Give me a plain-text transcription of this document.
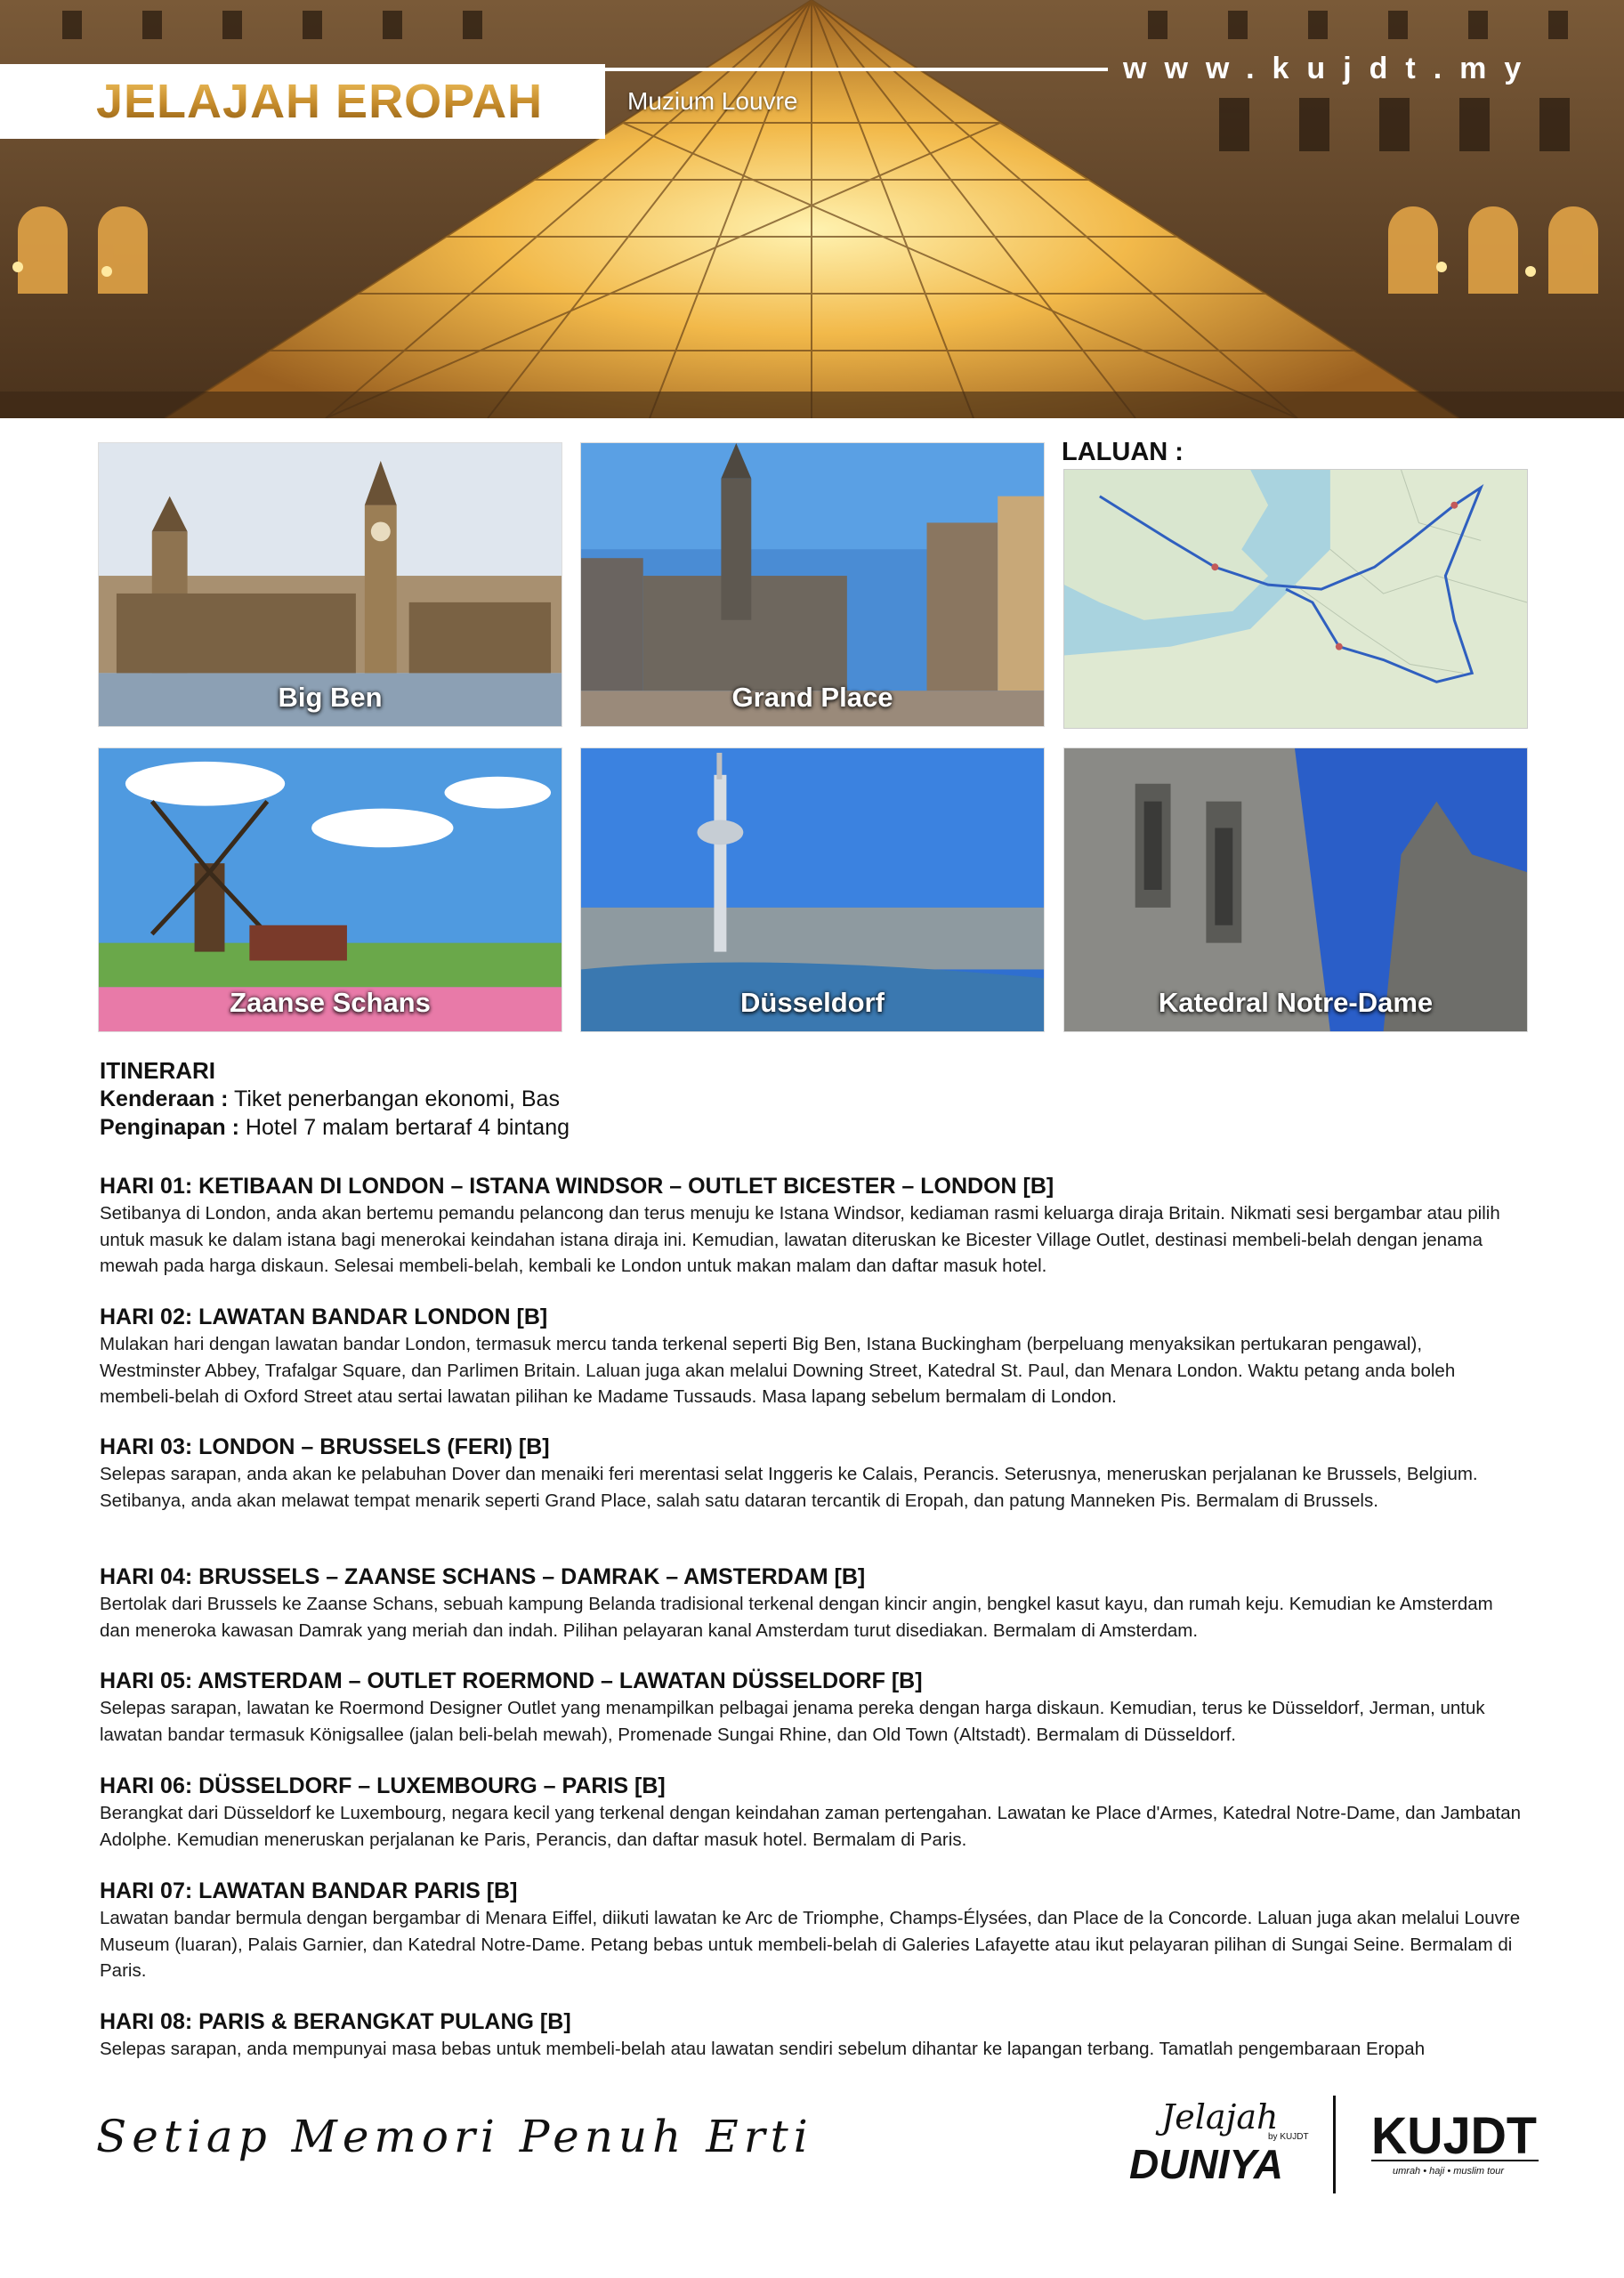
JELAJAH EROPAH	Muzium Louvre
www.kujdt.my
Big Ben	Grand Place
LALUAN :
Zaanse Schans	Düsseldorf	Katedral Notre-Dame
ITINERARI
Kenderaan : Tiket penerbangan ekonomi, Bas
Penginapan : Hotel 7 malam bertaraf 4 bintang
HARI 01: KETIBAAN DI LONDON – ISTANA WINDSOR – OUTLET BICESTER – LONDON [B]

Setibanya di London, anda akan bertemu pemandu pelancong dan terus menuju ke Istana Windsor, kediaman rasmi keluarga diraja Britain. Nikmati sesi bergambar atau pilih untuk masuk ke dalam istana bagi menerokai keindahan istana diraja ini. Kemudian, lawatan diteruskan ke Bicester Village Outlet, destinasi membeli-belah dengan jenama mewah pada harga diskaun. Selesai membeli-belah, kembali ke London untuk makan malam dan daftar masuk hotel.

HARI 02: LAWATAN BANDAR LONDON [B]

Mulakan hari dengan lawatan bandar London, termasuk mercu tanda terkenal seperti Big Ben, Istana Buckingham (berpeluang menyaksikan pertukaran pengawal), Westminster Abbey, Trafalgar Square, dan Parlimen Britain. Laluan juga akan melalui Downing Street, Katedral St. Paul, dan Menara London. Waktu petang anda boleh membeli-belah di Oxford Street atau sertai lawatan pilihan ke Madame Tussauds. Masa lapang sebelum bermalam di London.

HARI 03: LONDON – BRUSSELS (FERI) [B]

Selepas sarapan, anda akan ke pelabuhan Dover dan menaiki feri merentasi selat Inggeris ke Calais, Perancis. Seterusnya, meneruskan perjalanan ke Brussels, Belgium. Setibanya, anda akan melawat tempat menarik seperti Grand Place, salah satu dataran tercantik di Eropah, dan patung Manneken Pis. Bermalam di Brussels.

HARI 04: BRUSSELS – ZAANSE SCHANS – DAMRAK – AMSTERDAM [B]

Bertolak dari Brussels ke Zaanse Schans, sebuah kampung Belanda tradisional terkenal dengan kincir angin, bengkel kasut kayu, dan rumah keju. Kemudian ke Amsterdam dan meneroka kawasan Damrak yang meriah dan indah. Pilihan pelayaran kanal Amsterdam turut disediakan. Bermalam di Amsterdam.

HARI 05: AMSTERDAM – OUTLET ROERMOND – LAWATAN DÜSSELDORF [B]

Selepas sarapan, lawatan ke Roermond Designer Outlet yang menampilkan pelbagai jenama pereka dengan harga diskaun. Kemudian, terus ke Düsseldorf, Jerman, untuk lawatan bandar termasuk Königsallee (jalan beli-belah mewah), Promenade Sungai Rhine, dan Old Town (Altstadt). Bermalam di Düsseldorf.

HARI 06: DÜSSELDORF – LUXEMBOURG – PARIS [B]

Berangkat dari Düsseldorf ke Luxembourg, negara kecil yang terkenal dengan keindahan zaman pertengahan. Lawatan ke Place d'Armes, Katedral Notre-Dame, dan Jambatan Adolphe. Kemudian meneruskan perjalanan ke Paris, Perancis, dan daftar masuk hotel. Bermalam di Paris.

HARI 07: LAWATAN BANDAR PARIS [B]

Lawatan bandar bermula dengan bergambar di Menara Eiffel, diikuti lawatan ke Arc de Triomphe, Champs-Élysées, dan Place de la Concorde. Laluan juga akan melalui Louvre Museum (luaran), Palais Garnier, dan Katedral Notre-Dame. Petang bebas untuk membeli-belah di Galeries Lafayette atau ikut pelayaran pilihan di Sungai Seine. Bermalam di Paris.

HARI 08: PARIS & BERANGKAT PULANG [B]

Selepas sarapan, anda mempunyai masa bebas untuk membeli-belah atau lawatan sendiri sebelum dihantar ke lapangan terbang. Tamatlah pengembaraan Eropah

Setiap Memori Penuh Erti	Jelajah
by KUJDT
DUNIYA KUJDT
umrah • haji • muslim tour
